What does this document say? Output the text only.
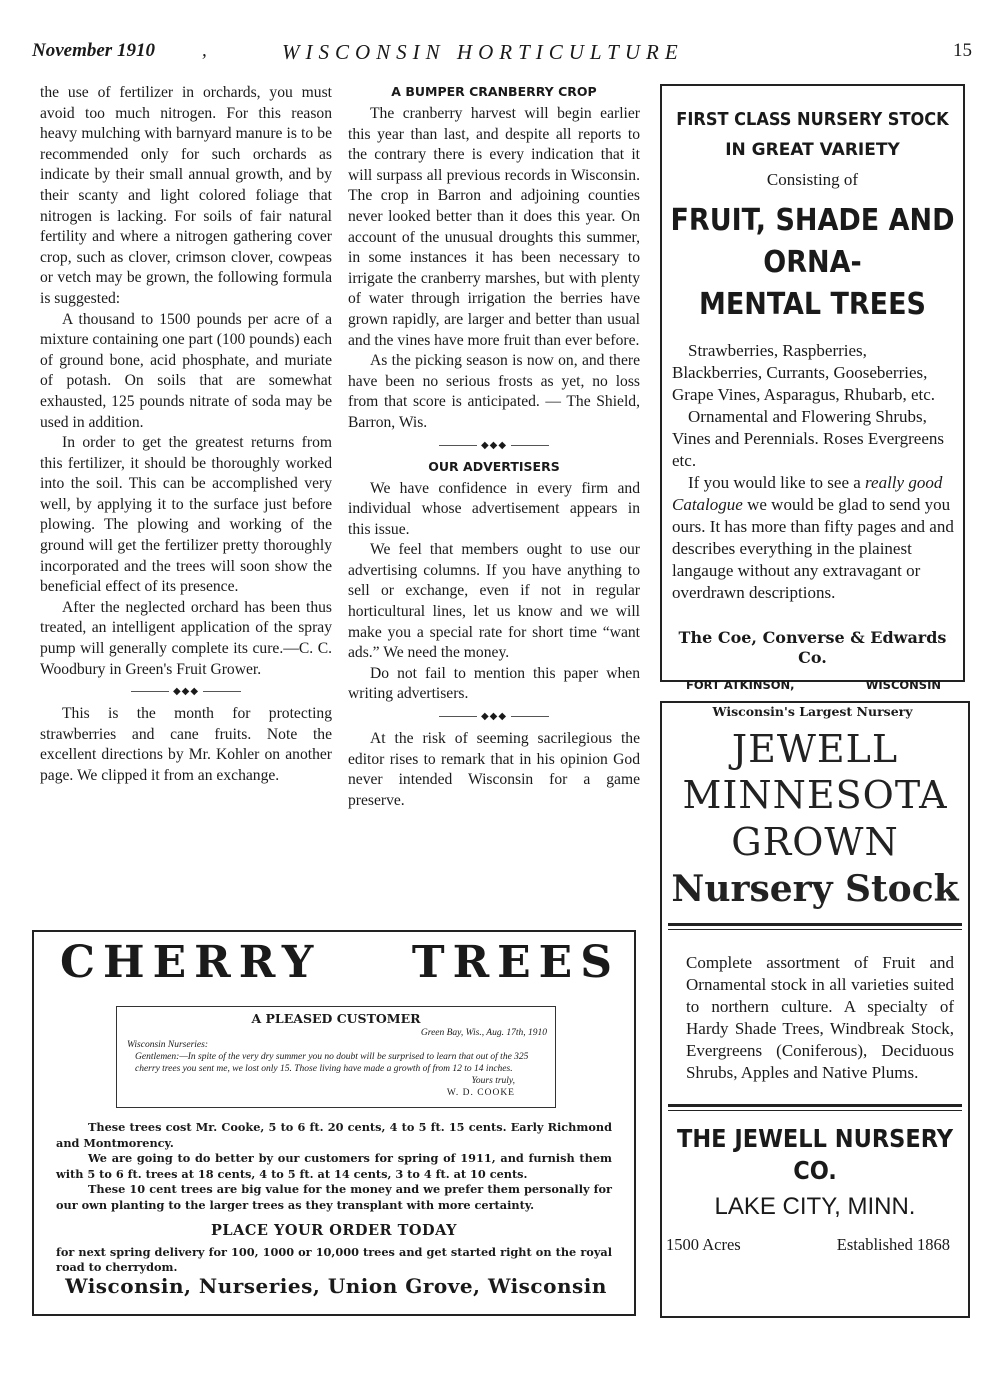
November 1910 ,	WISCONSIN HORTICULTURE	15

the use of fertilizer in orchards, you must avoid too much nitrogen. For this reason heavy mulching with barnyard manure is to be recommended only for such orchards as indicate by their small annual growth, and by their scanty and light colored foliage that nitrogen is lacking. For soils of fair natural fertility and where a nitrogen gathering cover crop, such as clover, crimson clover, cowpeas or vetch may be grown, the following formula is suggested:

A thousand to 1500 pounds per acre of a mixture containing one part (100 pounds) each of ground bone, acid phosphate, and muriate of potash. On soils that are somewhat exhausted, 125 pounds nitrate of soda may be used in addition.

In order to get the greatest returns from this fertilizer, it should be thoroughly worked into the soil. This can be accomplished very well, by applying it to the surface just before plowing. The plowing and working of the ground will get the fertilizer pretty thoroughly incorporated and the trees will soon show the beneficial effect of its presence.

After the neglected orchard has been thus treated, an intelligent application of the spray pump will generally complete its cure.—C. C. Woodbury in Green's Fruit Grower.

◆◆◆

This is the month for protecting strawberries and cane fruits. Note the excellent directions by Mr. Kohler on another page. We clipped it from an exchange.

A BUMPER CRANBERRY CROP

The cranberry harvest will begin earlier this year than last, and despite all reports to the contrary there is every indication that it will surpass all previous records in Wisconsin. The crop in Barron and adjoining counties never looked better than it does this year. On account of the unusual droughts this summer, in some instances it has been necessary to irrigate the cranberry marshes, but with plenty of water through irrigation the berries have grown rapidly, are larger and better than usual and the vines have more fruit than ever before.

As the picking season is now on, and there have been no serious frosts as yet, no loss from that score is anticipated. — The Shield, Barron, Wis.

◆◆◆
OUR ADVERTISERS

We have confidence in every firm and individual whose advertisement appears in this issue.

We feel that members ought to use our advertising columns. If you have anything to sell or exchange, even if not in regular horticultural lines, let us know and we will make you a special rate for short time “want ads.” We need the money.

Do not fail to mention this paper when writing advertisers.

◆◆◆

At the risk of seeming sacrilegious the editor rises to remark that in his opinion God never intended Wisconsin for a game preserve.

FIRST CLASS NURSERY STOCK
IN GREAT VARIETY
Consisting of
FRUIT, SHADE AND ORNA-
MENTAL TREES

Strawberries, Raspberries, Blackberries, Currants, Gooseberries, Grape Vines, Asparagus, Rhubarb, etc.

Ornamental and Flowering Shrubs, Vines and Perennials. Roses Evergreens etc.

If you would like to see a really good Catalogue we would be glad to send you ours. It has more than fifty pages and and describes everything in the plainest langauge without any extravagant or overdrawn descriptions.

The Coe, Converse & Edwards Co.
FORT ATKINSON,	WISCONSIN
Wisconsin's Largest Nursery
JEWELL
MINNESOTA
GROWN
Nursery Stock
Complete assortment of Fruit and Ornamental stock in all varieties suited to northern culture. A specialty of Hardy Shade Trees, Windbreak Stock, Evergreens (Coniferous), Deciduous Shrubs, Apples and Native Plums.
THE JEWELL NURSERY CO.
LAKE CITY, MINN.
1500 Acres	Established 1868
CHERRY TREES
A PLEASED CUSTOMER
Green Bay, Wis., Aug. 17th, 1910
Wisconsin Nurseries:
Gentlemen:—In spite of the very dry summer you no doubt will be surprised to learn that out of the 325 cherry trees you sent me, we lost only 15. Those living have made a growth of from 12 to 14 inches.
Yours truly,
W. D. COOKE

These trees cost Mr. Cooke, 5 to 6 ft. 20 cents, 4 to 5 ft. 15 cents. Early Richmond and Montmorency.

We are going to do better by our customers for spring of 1911, and furnish them with 5 to 6 ft. trees at 18 cents, 4 to 5 ft. at 14 cents, 3 to 4 ft. at 10 cents.

These 10 cent trees are big value for the money and we prefer them personally for our own planting to the larger trees as they transplant with more certainty.

PLACE YOUR ORDER TODAY

for next spring delivery for 100, 1000 or 10,000 trees and get started right on the royal road to cherrydom.

Wisconsin, Nurseries, Union Grove, Wisconsin
